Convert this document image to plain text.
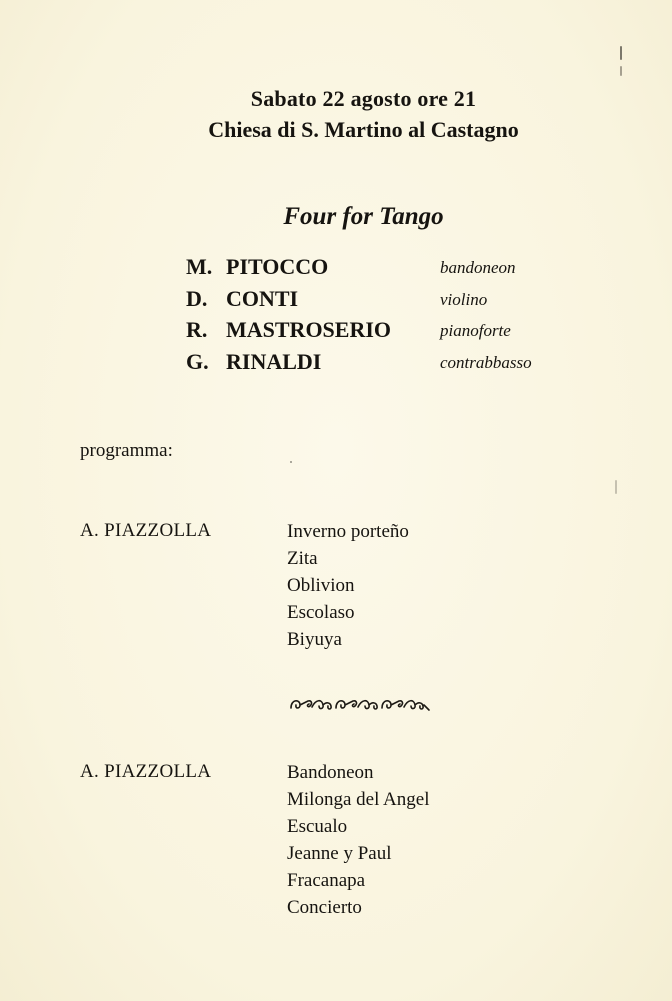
Sabato 22 agosto ore 21
Chiesa di S. Martino al Castagno
Four for Tango
M. PITOCCO	bandoneon
D. CONTI	violino
R. MASTROSERIO	pianoforte
G. RINALDI	contrabbasso
programma:
A. PIAZZOLLA	Inverno porteño
Zita
Oblivion
Escolaso
Biyuya
A. PIAZZOLLA	Bandoneon
Milonga del Angel
Escualo
Jeanne y Paul
Fracanapa
Concierto
